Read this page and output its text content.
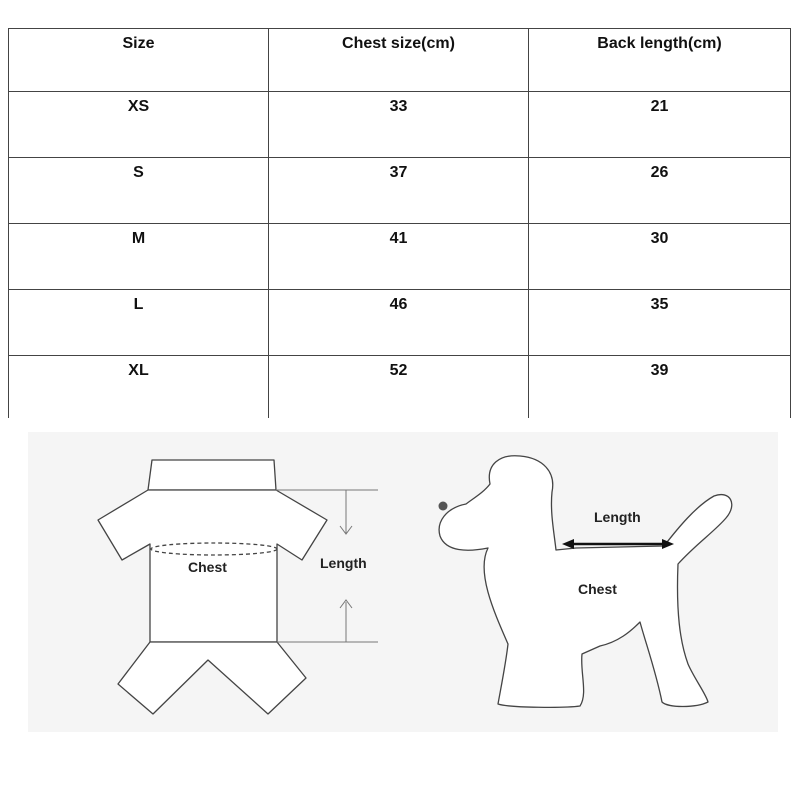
Size	Chest size(cm)	Back length(cm)
XS	33	21
S	37	26
M	41	30
L	46	35
XL	52	39
Chest	Length
Length
Chest
